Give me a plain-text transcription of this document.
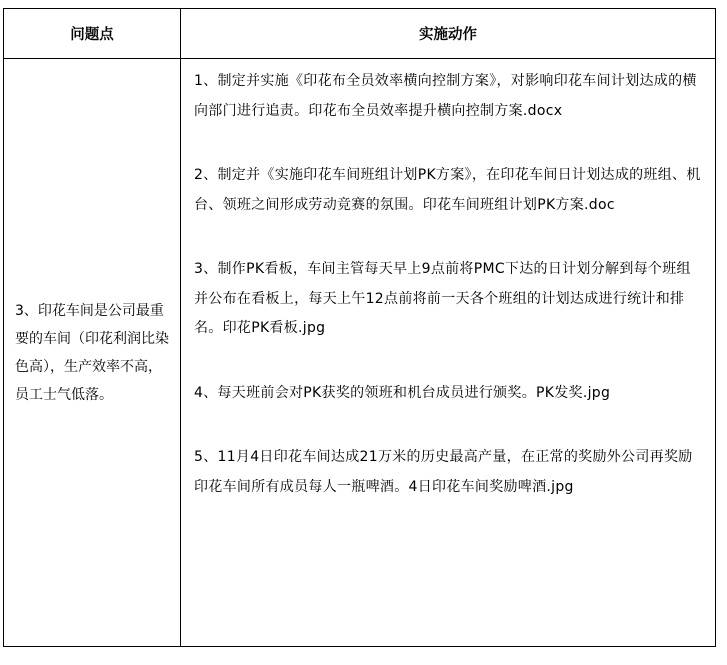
问题点	实施动作
3、印花车间是公司最重要的车间（印花利润比染色高），生产效率不高，员工士气低落。	1、制定并实施《印花布全员效率横向控制方案》，对影响印花车间计划达成的横向部门进行追责。印花布全员效率提升横向控制方案.docx

2、制定并《实施印花车间班组计划PK方案》，在印花车间日计划达成的班组、机台、领班之间形成劳动竞赛的氛围。印花车间班组计划PK方案.doc

3、制作PK看板，车间主管每天早上9点前将PMC下达的日计划分解到每个班组并公布在看板上，每天上午12点前将前一天各个班组的计划达成进行统计和排名。印花PK看板.jpg

4、每天班前会对PK获奖的领班和机台成员进行颁奖。PK发奖.jpg

5、11月4日印花车间达成21万米的历史最高产量，在正常的奖励外公司再奖励印花车间所有成员每人一瓶啤酒。4日印花车间奖励啤酒.jpg
